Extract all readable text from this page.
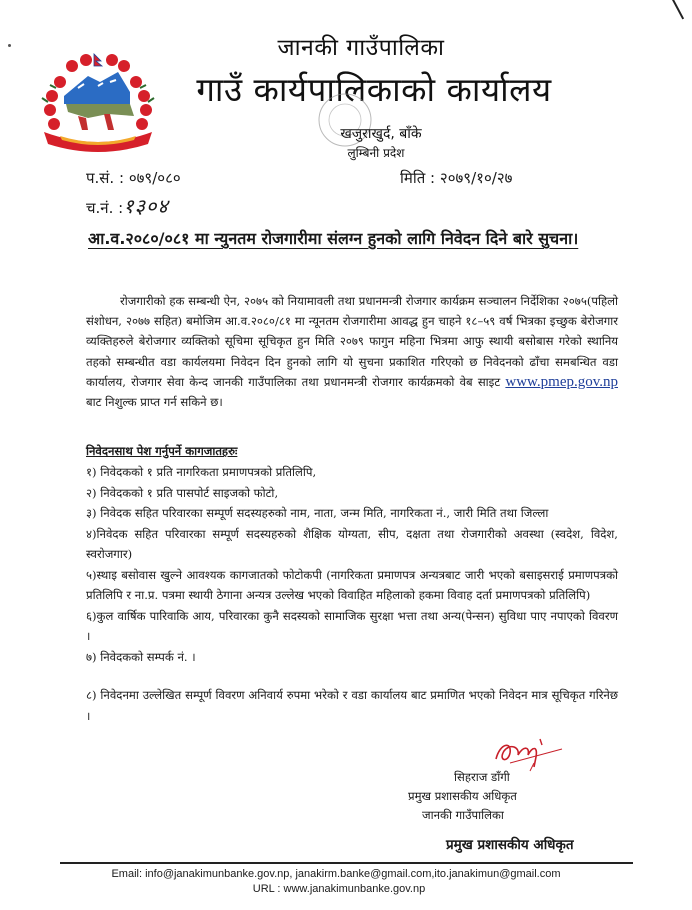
जानकी गाउँपालिका
गाउँ कार्यपालिकाको कार्यालय
खजुराखुर्द, बाँके
लुम्बिनी प्रदेश
प.सं. : ०७९/०८०	मिति : २०७९/१०/२७
च.नं. :१३०४
आ.व.२०८०/०८१ मा न्युनतम रोजगारीमा संलग्न हुनको लागि निवेदन दिने बारे सुचना।
रोजगारीको हक सम्बन्धी ऐन, २०७५ को नियामावली तथा प्रधानमन्त्री रोजगार कार्यक्रम सञ्चालन निर्देशिका २०७५(पहिलो संशोधन, २०७७ सहित) बमोजिम आ.व.२०८०/८१ मा न्यूनतम रोजगारीमा आवद्ध हुन चाहने १८–५९ वर्ष भित्रका इच्छुक बेरोजगार व्यक्तिहरुले बेरोजगार व्यक्तिको सूचिमा सूचिकृत हुन मिति २०७९ फागुन महिना भित्रमा आफु स्थायी बसोबास गरेको स्थानिय तहको सम्बन्धीत वडा कार्यलयमा निवेदन दिन हुनको लागि यो सुचना प्रकाशित गरिएको छ निवेदनको ढाँचा समबन्धित वडा कार्यालय, रोजगार सेवा केन्द जानकी गाउँपालिका तथा प्रधानमन्त्री रोजगार कार्यक्रमको वेब साइट www.pmep.gov.np बाट निशुल्क प्राप्त गर्न सकिने छ।
निवेदनसाथ पेश गर्नुपर्ने कागजातहरुः
१) निवेदकको १ प्रति नागरिकता प्रमाणपत्रको प्रतिलिपि,
२) निवेदकको १ प्रति पासपोर्ट साइजको फोटो,
३) निवेदक सहित परिवारका सम्पूर्ण सदस्यहरुको नाम, नाता, जन्म मिति, नागरिकता नं., जारी मिति तथा जिल्ला
४)निवेदक सहित परिवारका सम्पूर्ण सदस्यहरुको शैक्षिक योग्यता, सीप, दक्षता तथा रोजगारीको अवस्था (स्वदेश, विदेश, स्वरोजगार)
५)स्थाइ बसोवास खुल्ने आवश्यक कागजातको फोटोकपी (नागरिकता प्रमाणपत्र अन्यत्रबाट जारी भएको बसाइसराई प्रमाणपत्रको प्रतिलिपि र ना.प्र. पत्रमा स्थायी ठेगाना अन्यत्र उल्लेख भएको विवाहित महिलाको हकमा विवाह दर्ता प्रमाणपत्रको प्रतिलिपि)
६)कुल वार्षिक पारिवाकि आय, परिवारका कुनै सदस्यको सामाजिक सुरक्षा भत्ता तथा अन्य(पेन्सन) सुविधा पाए नपाएको विवरण ।
७) निवेदकको सम्पर्क नं. ।
८) निवेदनमा उल्लेखित सम्पूर्ण विवरण अनिवार्य रुपमा भरेको र वडा कार्यालय बाट प्रमाणित भएको निवेदन मात्र सूचिकृत गरिनेछ ।
सिहराज डाँगी
प्रमुख प्रशासकीय अधिकृत
जानकी गाउँपालिका
प्रमुख प्रशासकीय अधिकृत
Email: info@janakimunbanke.gov.np, janakirm.banke@gmail.com,ito.janakimun@gmail.com
URL : www.janakimunbanke.gov.np
